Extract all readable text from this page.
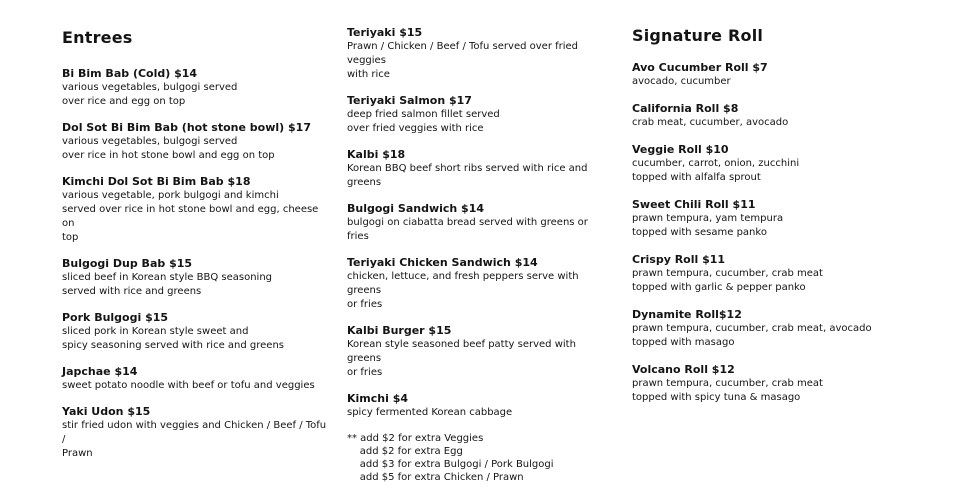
Entrees
Bi Bim Bab (Cold) $14
various vegetables, bulgogi served
over rice and egg on top
Dol Sot Bi Bim Bab (hot stone bowl) $17
various vegetables, bulgogi served
over rice in hot stone bowl and egg on top
Kimchi Dol Sot Bi Bim Bab $18
various vegetable, pork bulgogi and kimchi
served over rice in hot stone bowl and egg, cheese on
top
Bulgogi Dup Bab $15
sliced beef in Korean style BBQ seasoning
served with rice and greens
Pork Bulgogi $15
sliced pork in Korean style sweet and
spicy seasoning served with rice and greens
Japchae $14
sweet potato noodle with beef or tofu and veggies
Yaki Udon $15
stir fried udon with veggies and Chicken / Beef / Tofu /
Prawn
Teriyaki $15
Prawn / Chicken / Beef / Tofu served over fried veggies
with rice
Teriyaki Salmon $17
deep fried salmon fillet served
over fried veggies with rice
Kalbi $18
Korean BBQ beef short ribs served with rice and
greens
Bulgogi Sandwich $14
bulgogi on ciabatta bread served with greens or fries
Teriyaki Chicken Sandwich $14
chicken, lettuce, and fresh peppers serve with greens
or fries
Kalbi Burger $15
Korean style seasoned beef patty served with greens
or fries
Kimchi $4
spicy fermented Korean cabbage
** add $2 for extra Veggies
add $2 for extra Egg
add $3 for extra Bulgogi / Pork Bulgogi
add $5 for extra Chicken / Prawn
Signature Roll
Avo Cucumber Roll $7
avocado, cucumber
California Roll $8
crab meat, cucumber, avocado
Veggie Roll $10
cucumber, carrot, onion, zucchini
topped with alfalfa sprout
Sweet Chili Roll $11
prawn tempura, yam tempura
topped with sesame panko
Crispy Roll $11
prawn tempura, cucumber, crab meat
topped with garlic & pepper panko
Dynamite Roll$12
prawn tempura, cucumber, crab meat, avocado
topped with masago
Volcano Roll $12
prawn tempura, cucumber, crab meat
topped with spicy tuna & masago
